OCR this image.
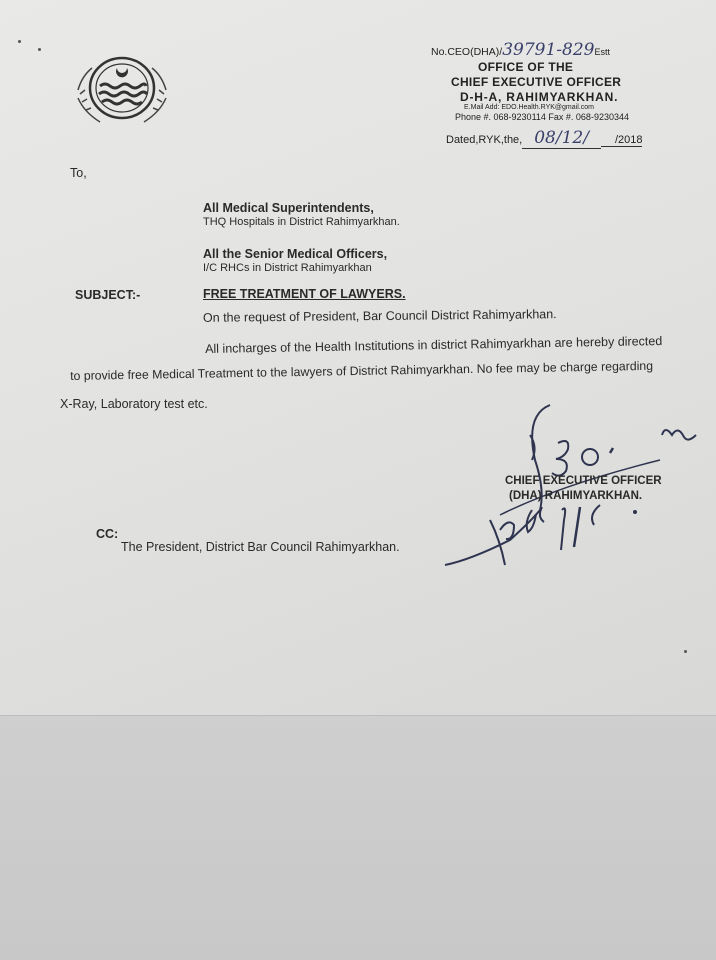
No.CEO(DHA)/39791-829Estt
OFFICE OF THE
CHIEF EXECUTIVE OFFICER
D-H-A, RAHIMYARKHAN.
E.Mail Add: EDO.Health.RYK@gmail.com
Phone #. 068-9230114 Fax #. 068-9230344
Dated,RYK,the, 08/12/ /2018
To,
All Medical Superintendents,
THQ Hospitals in District Rahimyarkhan.
All the Senior Medical Officers,
I/C RHCs in District Rahimyarkhan
SUBJECT:-	FREE TREATMENT OF LAWYERS.
On the request of President, Bar Council District Rahimyarkhan.
All incharges of the Health Institutions in district Rahimyarkhan are hereby directed
to provide free Medical Treatment to the lawyers of District Rahimyarkhan. No fee may be charge regarding
X-Ray, Laboratory test etc.
CHIEF EXECUTIVE OFFICER
(DHA) RAHIMYARKHAN.
CC:
The President, District Bar Council Rahimyarkhan.
